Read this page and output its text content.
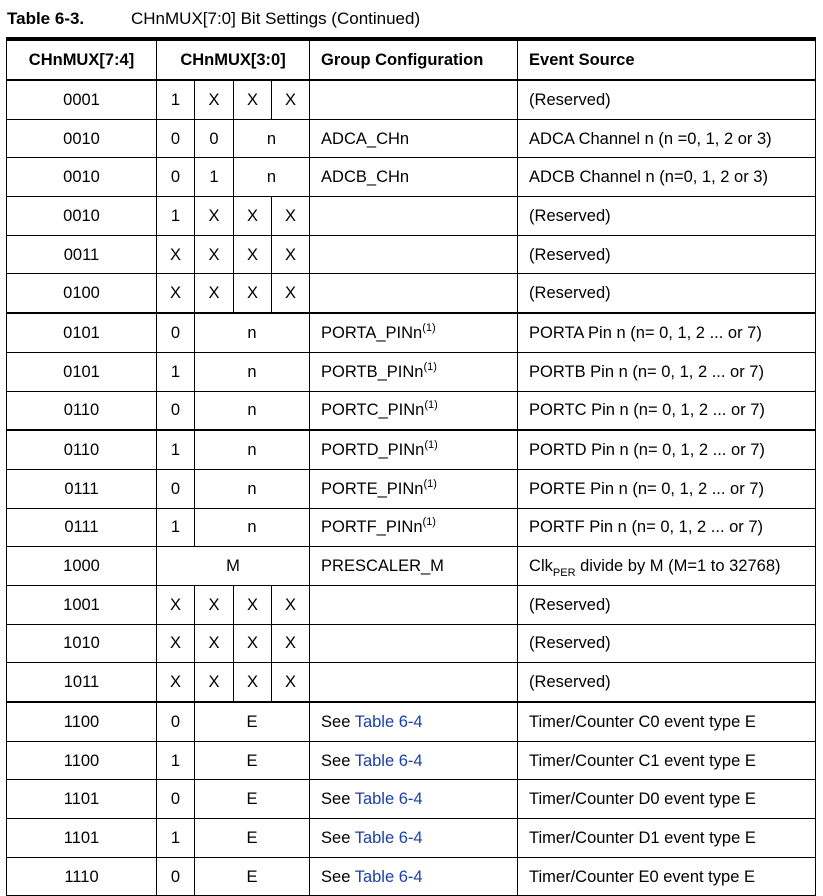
Table 6-3.	CHnMUX[7:0] Bit Settings (Continued)
CHnMUX[7:4]	CHnMUX[3:0]				Group Configuration	Event Source
0001	1	X	X	X		(Reserved)
0010	0	0	n		ADCA_CHn	ADCA Channel n (n =0, 1, 2 or 3)
0010	0	1	n		ADCB_CHn	ADCB Channel n (n=0, 1, 2 or 3)
0010	1	X	X	X		(Reserved)
0011	X	X	X	X		(Reserved)
0100	X	X	X	X		(Reserved)
0101	0	n			PORTA_PINn$^{(1)}$	PORTA Pin n (n= 0, 1, 2 ... or 7)
0101	1	n			PORTB_PINn$^{(1)}$	PORTB Pin n (n= 0, 1, 2 ... or 7)
0110	0	n			PORTC_PINn$^{(1)}$	PORTC Pin n (n= 0, 1, 2 ... or 7)
0110	1	n			PORTD_PINn$^{(1)}$	PORTD Pin n (n= 0, 1, 2 ... or 7)
0111	0	n			PORTE_PINn$^{(1)}$	PORTE Pin n (n= 0, 1, 2 ... or 7)
0111	1	n			PORTF_PINn$^{(1)}$	PORTF Pin n (n= 0, 1, 2 ... or 7)
1000	M				PRESCALER_M	Clk$_{PER}$ divide by M (M=1 to 32768)
1001	X	X	X	X		(Reserved)
1010	X	X	X	X		(Reserved)
1011	X	X	X	X		(Reserved)
1100	0	E			See Table 6-4	Timer/Counter C0 event type E
1100	1	E			See Table 6-4	Timer/Counter C1 event type E
1101	0	E			See Table 6-4	Timer/Counter D0 event type E
1101	1	E			See Table 6-4	Timer/Counter D1 event type E
1110	0	E			See Table 6-4	Timer/Counter E0 event type E
